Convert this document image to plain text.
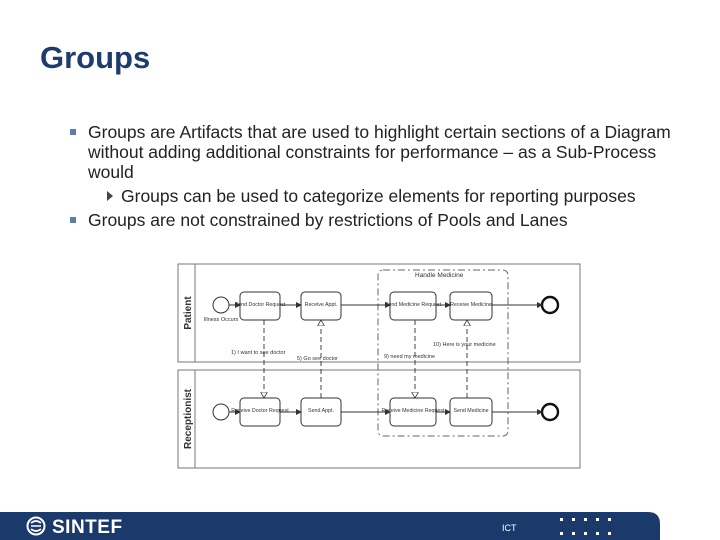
Groups
Groups are Artifacts that are used to highlight certain sections of a Diagram without adding additional constraints for performance – as a Sub-Process would
Groups can be used to categorize elements for reporting purposes
Groups are not constrained by restrictions of Pools and Lanes
Patient
Receptionist
Handle Medicine
Illness Occurs
Send Doctor Request	Receive Appt.	Send Medicine Request Receive Medicine
Receive Doctor Request	Send Appt.	Receive Medicine Request Send Medicine
1) I want to see doctor
5) Go see doctor	9) need my medicine
10) Here is your medicine
SINTEF	ICT
